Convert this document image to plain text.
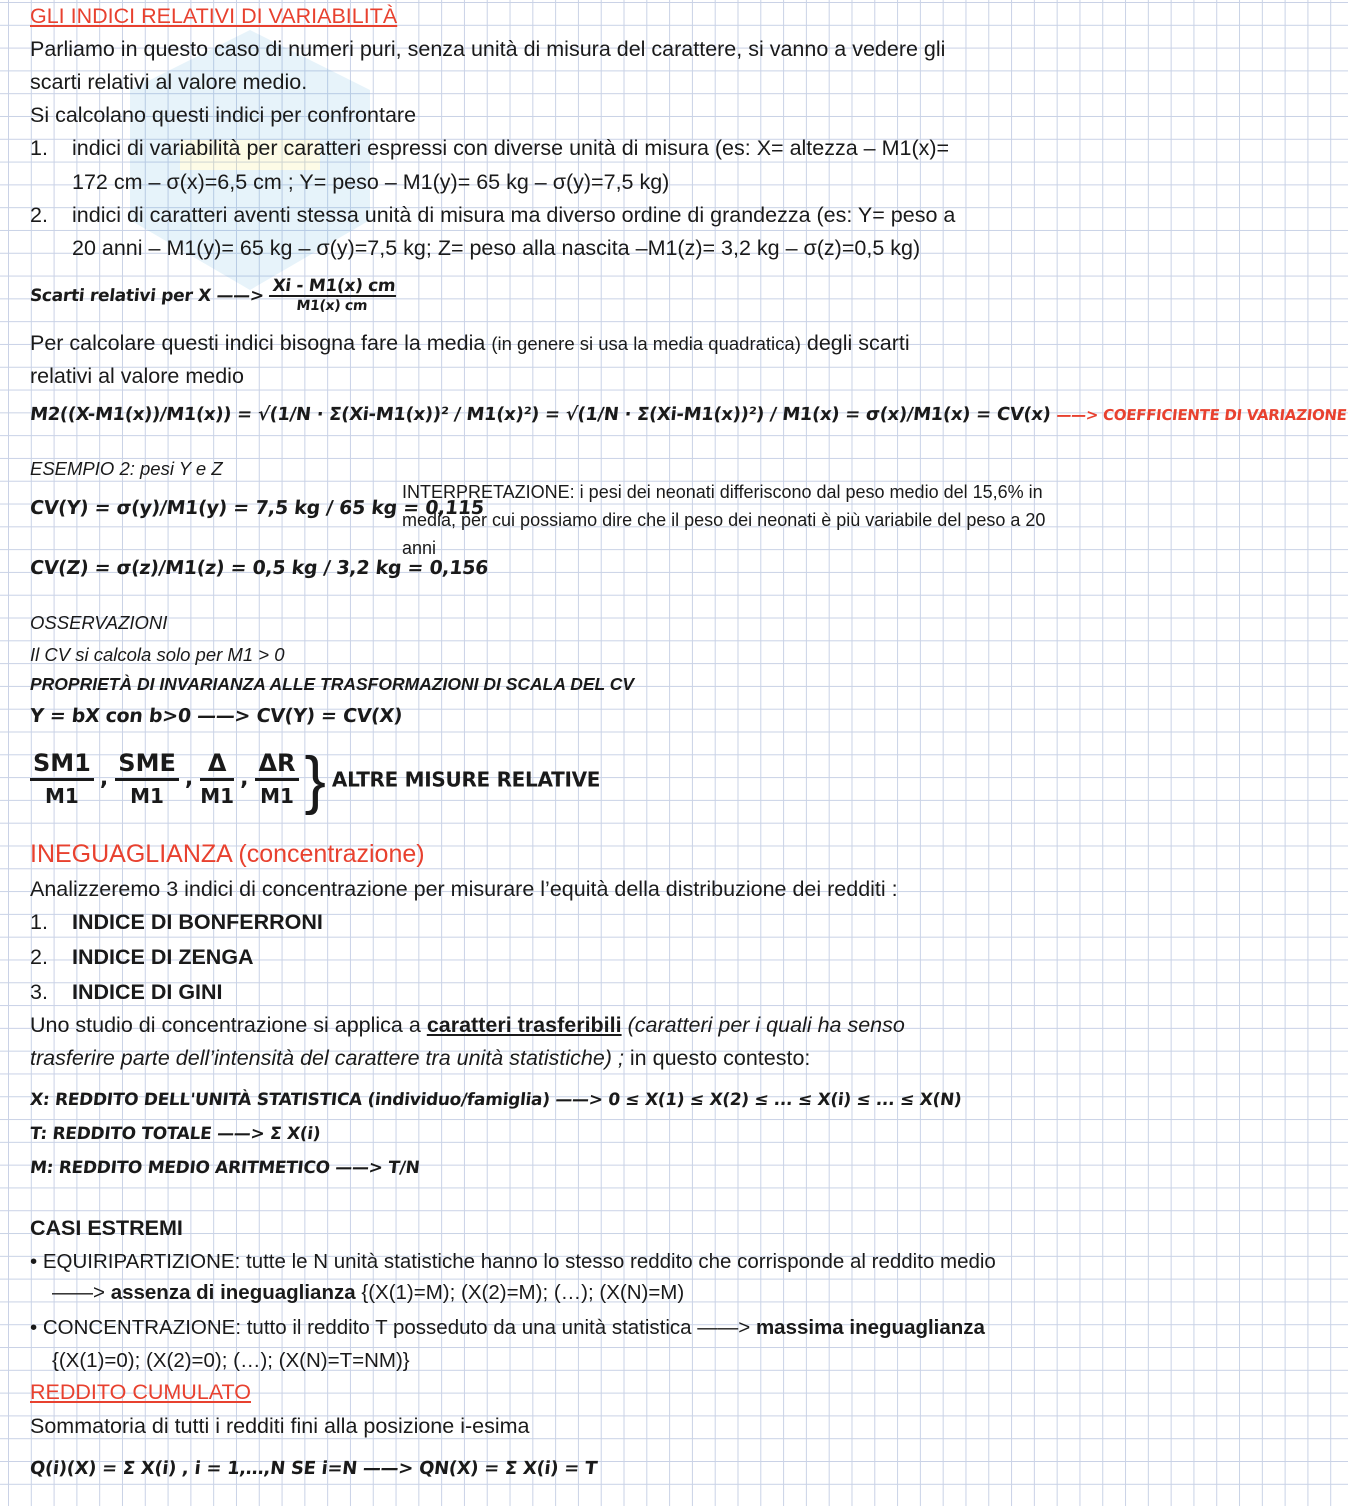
GLI INDICI RELATIVI DI VARIABILITÀ
Parliamo in questo caso di numeri puri, senza unità di misura del carattere, si vanno a vedere gli
scarti relativi al valore medio.
Si calcolano questi indici per confrontare
1. indici di variabilità per caratteri espressi con diverse unità di misura (es: X= altezza – M1(x)=
172 cm – σ(x)=6,5 cm ; Y= peso – M1(y)= 65 kg – σ(y)=7,5 kg)
2. indici di caratteri aventi stessa unità di misura ma diverso ordine di grandezza (es: Y= peso a
20 anni – M1(y)= 65 kg – σ(y)=7,5 kg; Z= peso alla nascita –M1(z)= 3,2 kg – σ(z)=0,5 kg)
Scarti relativi per X ——> $\frac{Xi - M1(x) cm}{M1(x) cm}$
Per calcolare questi indici bisogna fare la media (in genere si usa la media quadratica) degli scarti
relativi al valore medio
M2((X-M1(x))/M1(x)) = √(1/N · Σ(Xi-M1(x))² / M1(x)²) = √(1/N · Σ(Xi-M1(x))²) / M1(x) = σ(x)/M1(x) = CV(x) ——> COEFFICIENTE DI VARIAZIONE
ESEMPIO 2: pesi Y e Z
CV(Y) = σ(y)/M1(y) = 7,5 kg / 65 kg = 0,115
CV(Z) = σ(z)/M1(z) = 0,5 kg / 3,2 kg = 0,156
INTERPRETAZIONE: i pesi dei neonati differiscono dal peso medio del 15,6% in media, per cui possiamo dire che il peso dei neonati è più variabile del peso a 20 anni
OSSERVAZIONI
Il CV si calcola solo per M1 > 0
PROPRIETÀ DI INVARIANZA ALLE TRASFORMAZIONI DI SCALA DEL CV
Y = bX con b>0 ——> CV(Y) = CV(X)
SM1
M1
,
SME
M1
,
Δ
M1
,
ΔR
M1 } ALTRE MISURE RELATIVE
INEGUAGLIANZA (concentrazione)
Analizzeremo 3 indici di concentrazione per misurare l’equità della distribuzione dei redditi :
1. INDICE DI BONFERRONI
2. INDICE DI ZENGA
3. INDICE DI GINI
Uno studio di concentrazione si applica a caratteri trasferibili (caratteri per i quali ha senso
trasferire parte dell’intensità del carattere tra unità statistiche) ; in questo contesto:
X: REDDITO DELL'UNITÀ STATISTICA (individuo/famiglia) ——> 0 ≤ X(1) ≤ X(2) ≤ ... ≤ X(i) ≤ ... ≤ X(N)
T: REDDITO TOTALE ——> Σ X(i)
M: REDDITO MEDIO ARITMETICO ——> T/N
CASI ESTREMI
• EQUIRIPARTIZIONE: tutte le N unità statistiche hanno lo stesso reddito che corrisponde al reddito medio
——> assenza di ineguaglianza {(X(1)=M); (X(2)=M); (…); (X(N)=M)
• CONCENTRAZIONE: tutto il reddito T posseduto da una unità statistica ——> massima ineguaglianza
{(X(1)=0); (X(2)=0); (…); (X(N)=T=NM)}
REDDITO CUMULATO
Sommatoria di tutti i redditi fini alla posizione i-esima
Q(i)(X) = Σ X(i) , i = 1,…,N SE i=N ——> QN(X) = Σ X(i) = T
